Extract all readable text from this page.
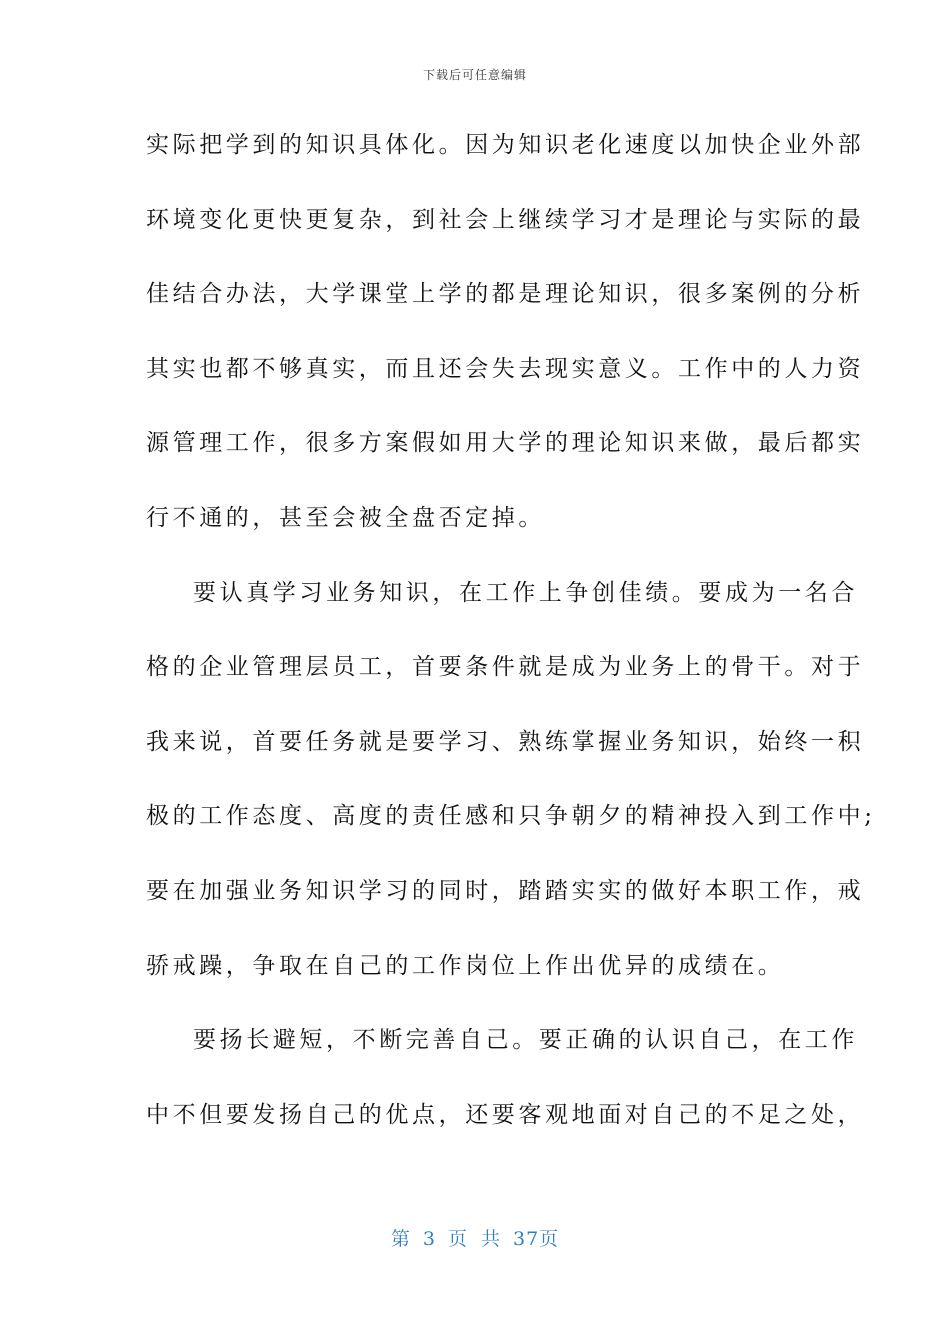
下载后可任意编辑
实际把学到的知识具体化。因为知识老化速度以加快企业外部
环境变化更快更复杂，到社会上继续学习才是理论与实际的最
佳结合办法，大学课堂上学的都是理论知识，很多案例的分析
其实也都不够真实，而且还会失去现实意义。工作中的人力资
源管理工作，很多方案假如用大学的理论知识来做，最后都实
行不通的，甚至会被全盘否定掉。
要认真学习业务知识，在工作上争创佳绩。要成为一名合
格的企业管理层员工，首要条件就是成为业务上的骨干。对于
我来说，首要任务就是要学习、熟练掌握业务知识，始终一积
极的工作态度、高度的责任感和只争朝夕的精神投入到工作中;
要在加强业务知识学习的同时，踏踏实实的做好本职工作，戒
骄戒躁，争取在自己的工作岗位上作出优异的成绩在。
要扬长避短，不断完善自己。要正确的认识自己，在工作
中不但要发扬自己的优点，还要客观地面对自己的不足之处，
第 3 页 共 37页
